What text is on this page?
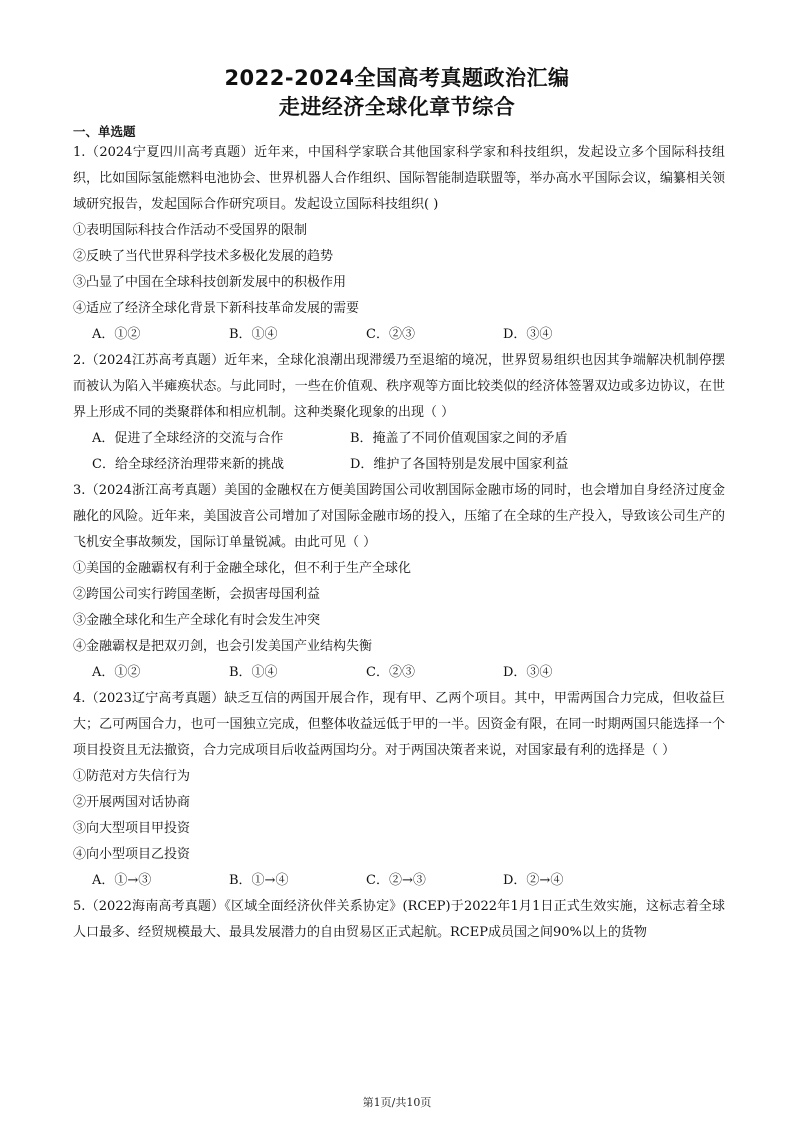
2022-2024全国高考真题政治汇编
走进经济全球化章节综合
一、单选题

1.（2024宁夏四川高考真题）近年来，中国科学家联合其他国家科学家和科技组织，发起设立多个国际科技组织，比如国际氢能燃料电池协会、世界机器人合作组织、国际智能制造联盟等，举办高水平国际会议，编纂相关领域研究报告，发起国际合作研究项目。发起设立国际科技组织( )

①表明国际科技合作活动不受国界的限制

②反映了当代世界科学技术多极化发展的趋势

③凸显了中国在全球科技创新发展中的积极作用

④适应了经济全球化背景下新科技革命发展的需要

A．①②	B．①④	C．②③	D．③④

2.（2024江苏高考真题）近年来，全球化浪潮出现滞缓乃至退缩的境况，世界贸易组织也因其争端解决机制停摆而被认为陷入半瘫痪状态。与此同时，一些在价值观、秩序观等方面比较类似的经济体签署双边或多边协议，在世界上形成不同的类聚群体和相应机制。这种类聚化现象的出现（ ）

A．促进了全球经济的交流与合作	B．掩盖了不同价值观国家之间的矛盾
C．给全球经济治理带来新的挑战	D．维护了各国特别是发展中国家利益

3.（2024浙江高考真题）美国的金融权在方便美国跨国公司收割国际金融市场的同时，也会增加自身经济过度金融化的风险。近年来，美国波音公司增加了对国际金融市场的投入，压缩了在全球的生产投入，导致该公司生产的飞机安全事故频发，国际订单量锐减。由此可见（ ）

①美国的金融霸权有利于金融全球化，但不利于生产全球化

②跨国公司实行跨国垄断，会损害母国利益

③金融全球化和生产全球化有时会发生冲突

④金融霸权是把双刃剑，也会引发美国产业结构失衡

A．①②	B．①④	C．②③	D．③④

4.（2023辽宁高考真题）缺乏互信的两国开展合作，现有甲、乙两个项目。其中，甲需两国合力完成，但收益巨大；乙可两国合力，也可一国独立完成，但整体收益远低于甲的一半。因资金有限，在同一时期两国只能选择一个项目投资且无法撤资，合力完成项目后收益两国均分。对于两国决策者来说，对国家最有利的选择是（ ）

①防范对方失信行为

②开展两国对话协商

③向大型项目甲投资

④向小型项目乙投资

A．①→③	B．①→④	C．②→③	D．②→④

5.（2022海南高考真题）《区域全面经济伙伴关系协定》(RCEP)于2022年1月1日正式生效实施，这标志着全球人口最多、经贸规模最大、最具发展潜力的自由贸易区正式起航。RCEP成员国之间90%以上的货物

第1页/共10页
